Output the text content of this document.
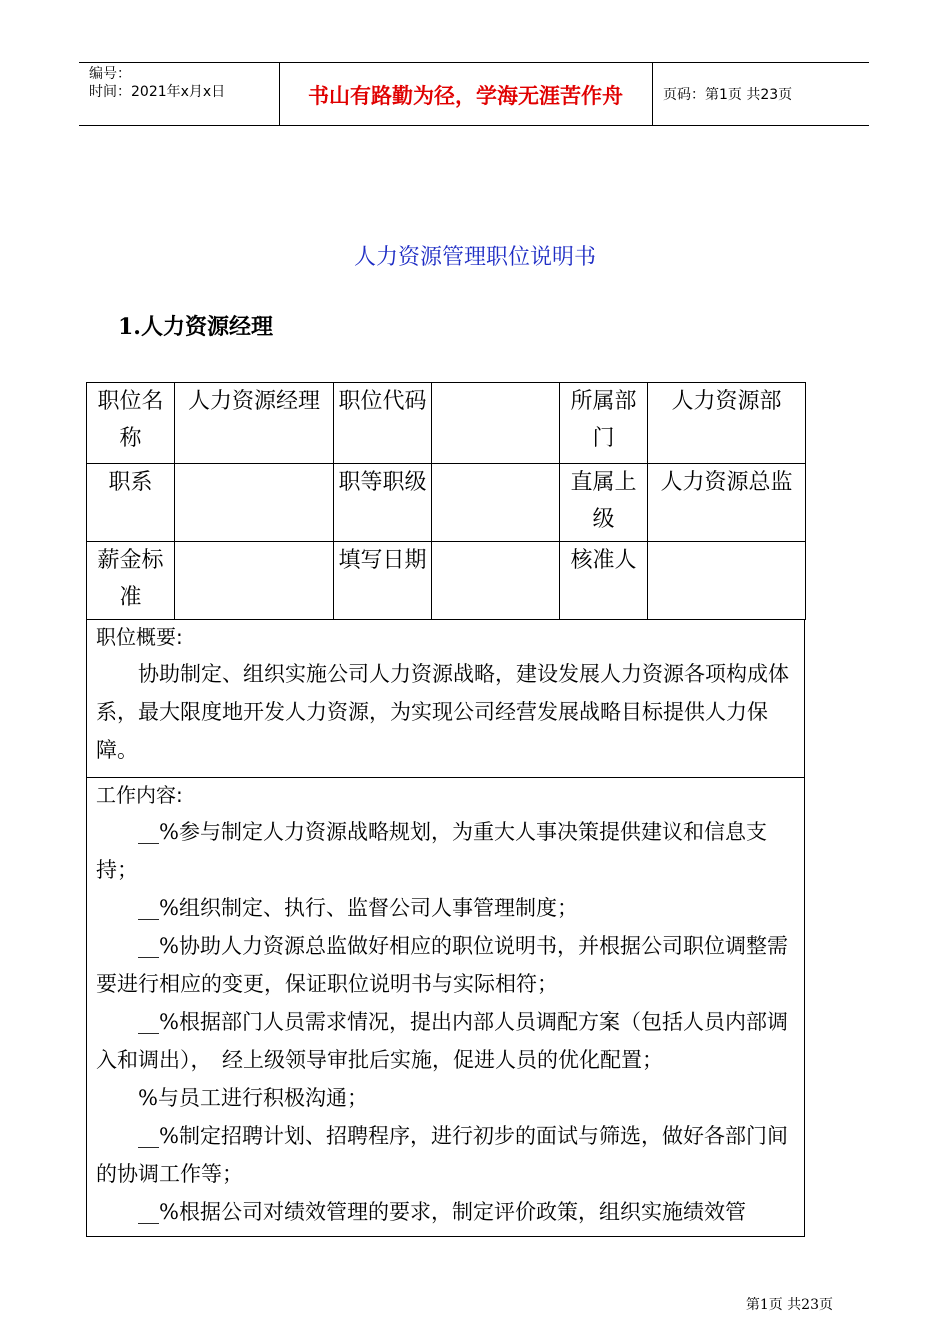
编号：
时间：2021年x月x日	书山有路勤为径，学海无涯苦作舟	页码：第1页 共23页
人力资源管理职位说明书
1.人力资源经理
职位名称	人力资源经理	职位代码		所属部门	人力资源部
职系		职等职级		直属上级	人力资源总监
薪金标准		填写日期		核准人	
职位概要:

协助制定、组织实施公司人力资源战略，建设发展人力资源各项构成体系，最大限度地开发人力资源，为实现公司经营发展战略目标提供人力保障。

工作内容:

__%参与制定人力资源战略规划，为重大人事决策提供建议和信息支持；

__%组织制定、执行、监督公司人事管理制度；

__%协助人力资源总监做好相应的职位说明书，并根据公司职位调整需要进行相应的变更，保证职位说明书与实际相符；

__%根据部门人员需求情况，提出内部人员调配方案（包括人员内部调入和调出），　经上级领导审批后实施，促进人员的优化配置；

%与员工进行积极沟通；

__%制定招聘计划、招聘程序，进行初步的面试与筛选，做好各部门间的协调工作等；

__%根据公司对绩效管理的要求，制定评价政策，组织实施绩效管

第1页 共23页
